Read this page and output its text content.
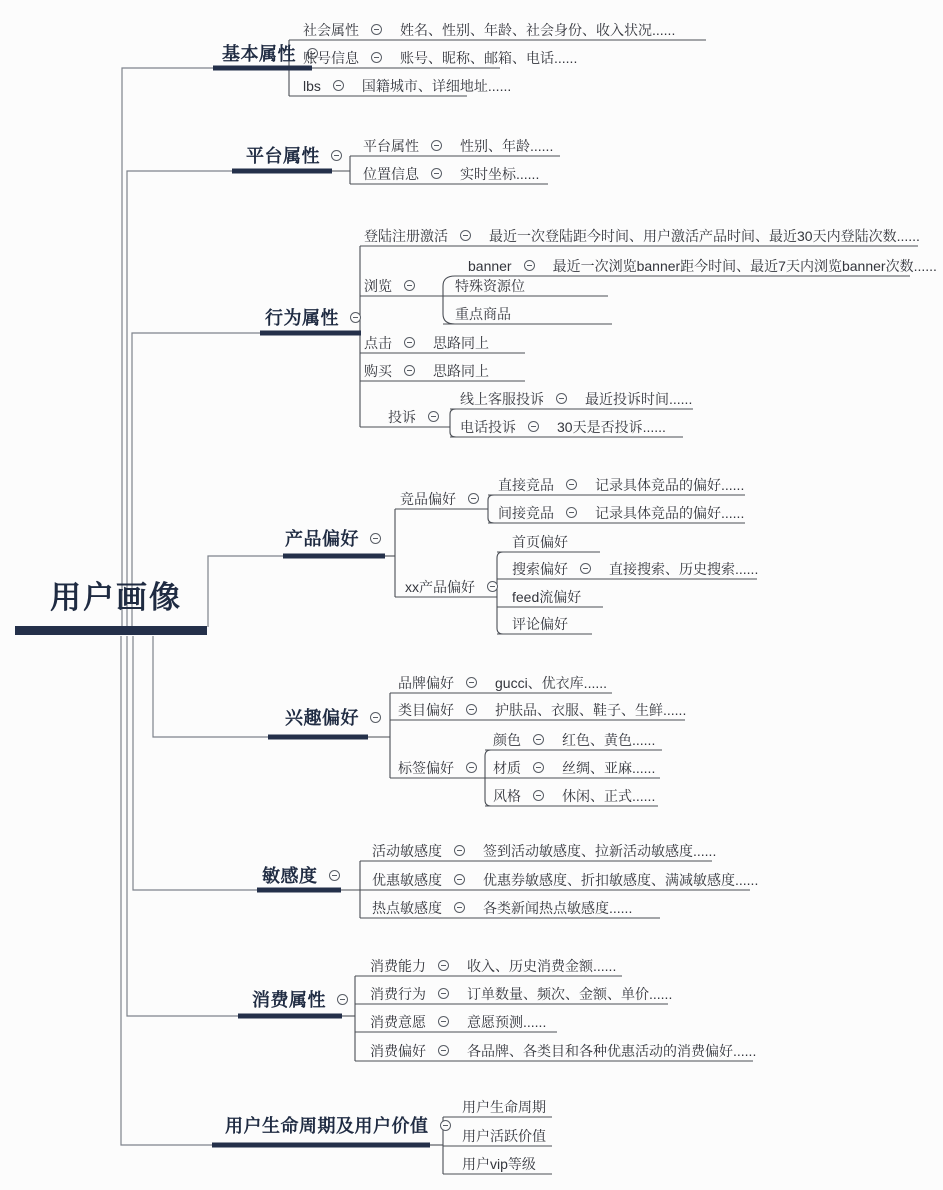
用户画像
基本属性
社会属性	姓名、性别、年龄、社会身份、收入状况......
账号信息	账号、昵称、邮箱、电话......
lbs	国籍城市、详细地址......
平台属性
平台属性	性别、年龄......
位置信息	实时坐标......
行为属性
登陆注册激活	最近一次登陆距今时间、用户激活产品时间、最近30天内登陆次数......
banner	最近一次浏览banner距今时间、最近7天内浏览banner次数......
浏览	特殊资源位
重点商品
点击	思路同上
购买	思路同上
线上客服投诉	最近投诉时间......
投诉
电话投诉	30天是否投诉......
产品偏好
竞品偏好
直接竞品	记录具体竞品的偏好......
间接竞品	记录具体竞品的偏好......
xx产品偏好
首页偏好
搜索偏好	直接搜索、历史搜索......
feed流偏好
评论偏好
兴趣偏好
品牌偏好	gucci、优衣库......
类目偏好	护肤品、衣服、鞋子、生鲜......
标签偏好
颜色	红色、黄色......
材质	丝绸、亚麻......
风格	休闲、正式......
敏感度
活动敏感度	签到活动敏感度、拉新活动敏感度......
优惠敏感度	优惠券敏感度、折扣敏感度、满减敏感度......
热点敏感度	各类新闻热点敏感度......
消费属性
消费能力	收入、历史消费金额......
消费行为	订单数量、频次、金额、单价......
消费意愿	意愿预测......
消费偏好	各品牌、各类目和各种优惠活动的消费偏好......
用户生命周期及用户价值
用户生命周期
用户活跃价值
用户vip等级
